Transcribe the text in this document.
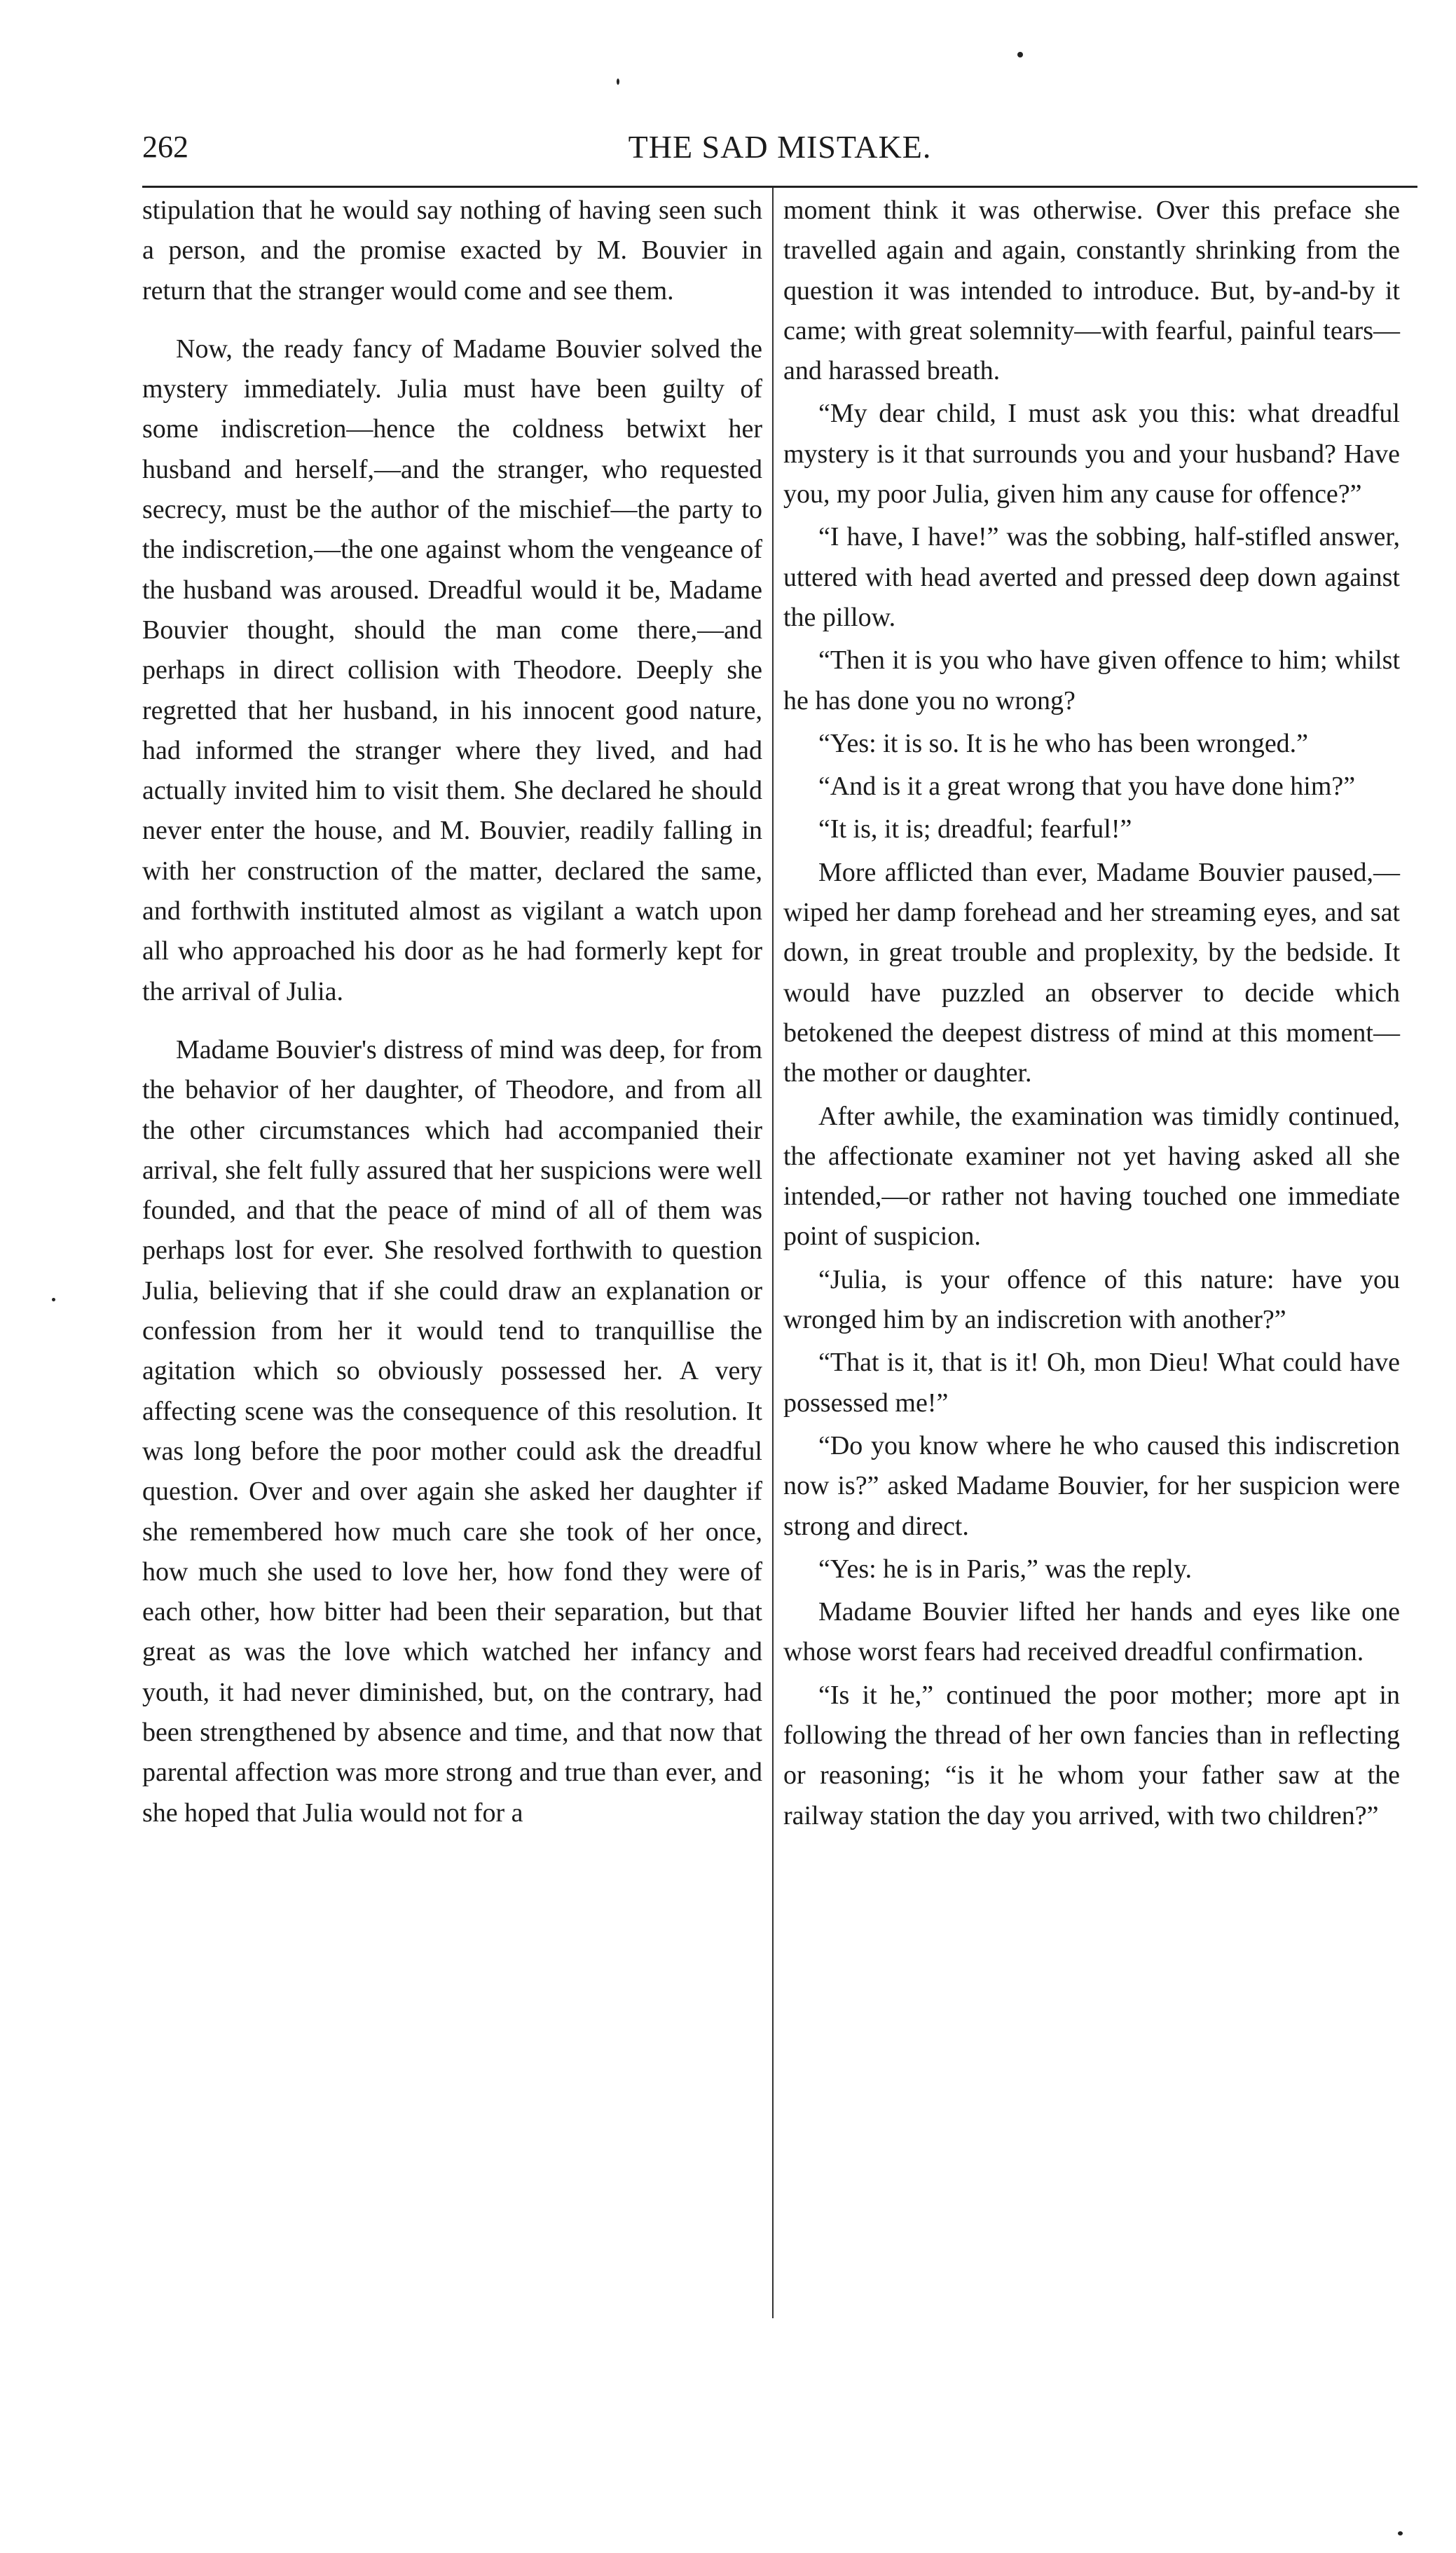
262	THE SAD MISTAKE.

stipulation that he would say nothing of having seen such a person, and the promise exacted by M. Bouvier in return that the stranger would come and see them.

Now, the ready fancy of Madame Bouvier solved the mystery immediately. Julia must have been guilty of some indiscretion—hence the coldness betwixt her husband and herself,—and the stranger, who requested secrecy, must be the author of the mischief—the party to the indiscretion,—the one against whom the vengeance of the husband was aroused. Dreadful would it be, Madame Bouvier thought, should the man come there,—and perhaps in direct collision with Theodore. Deeply she regretted that her husband, in his innocent good nature, had informed the stranger where they lived, and had actually invited him to visit them. She declared he should never enter the house, and M. Bouvier, readily falling in with her construction of the matter, declared the same, and forthwith instituted almost as vigilant a watch upon all who approached his door as he had formerly kept for the arrival of Julia.

Madame Bouvier's distress of mind was deep, for from the behavior of her daughter, of Theodore, and from all the other circumstances which had accompanied their arrival, she felt fully assured that her suspicions were well founded, and that the peace of mind of all of them was perhaps lost for ever. She resolved forthwith to question Julia, believing that if she could draw an explanation or confession from her it would tend to tranquillise the agitation which so obviously possessed her. A very affecting scene was the consequence of this resolution. It was long before the poor mother could ask the dreadful question. Over and over again she asked her daughter if she remembered how much care she took of her once, how much she used to love her, how fond they were of each other, how bitter had been their separation, but that great as was the love which watched her infancy and youth, it had never diminished, but, on the contrary, had been strengthened by absence and time, and that now that parental affection was more strong and true than ever, and she hoped that Julia would not for a

moment think it was otherwise. Over this preface she travelled again and again, constantly shrinking from the question it was intended to introduce. But, by-and-by it came; with great solemnity—with fearful, painful tears—and harassed breath.

“My dear child, I must ask you this: what dreadful mystery is it that surrounds you and your husband? Have you, my poor Julia, given him any cause for offence?”

“I have, I have!” was the sobbing, half-stifled answer, uttered with head averted and pressed deep down against the pillow.

“Then it is you who have given offence to him; whilst he has done you no wrong?

“Yes: it is so. It is he who has been wronged.”

“And is it a great wrong that you have done him?”

“It is, it is; dreadful; fearful!”

More afflicted than ever, Madame Bouvier paused,—wiped her damp forehead and her streaming eyes, and sat down, in great trouble and proplexity, by the bedside. It would have puzzled an observer to decide which betokened the deepest distress of mind at this moment—the mother or daughter.

After awhile, the examination was timidly continued, the affectionate examiner not yet having asked all she intended,—or rather not having touched one immediate point of suspicion.

“Julia, is your offence of this nature: have you wronged him by an indiscretion with another?”

“That is it, that is it! Oh, mon Dieu! What could have possessed me!”

“Do you know where he who caused this indiscretion now is?” asked Madame Bouvier, for her suspicion were strong and direct.

“Yes: he is in Paris,” was the reply.

Madame Bouvier lifted her hands and eyes like one whose worst fears had received dreadful confirmation.

“Is it he,” continued the poor mother; more apt in following the thread of her own fancies than in reflecting or reasoning; “is it he whom your father saw at the railway station the day you arrived, with two children?”
